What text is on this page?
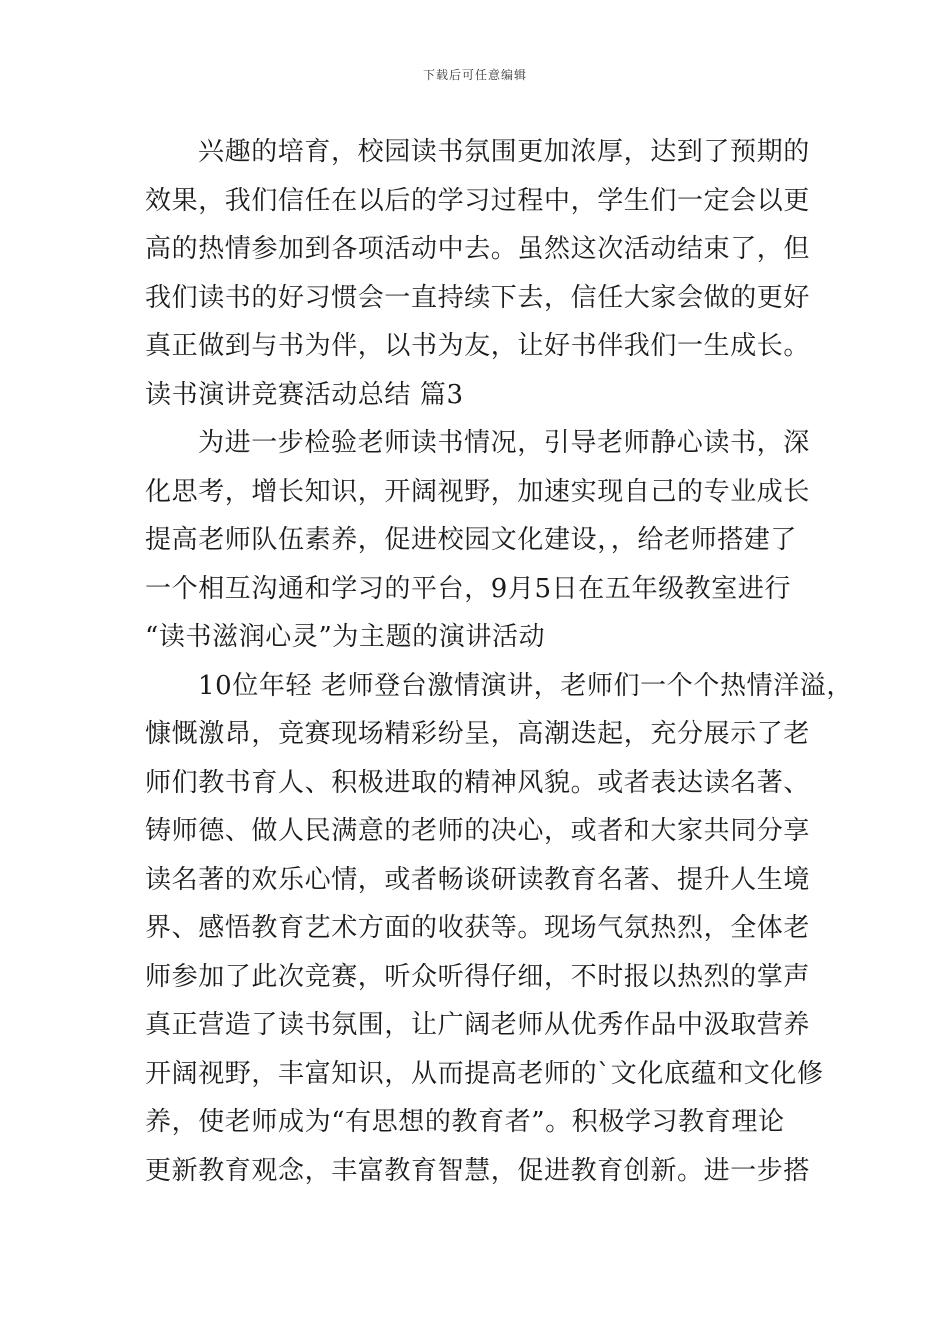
下载后可任意编辑
兴趣的培育，校园读书氛围更加浓厚，达到了预期的
效果，我们信任在以后的学习过程中，学生们一定会以更
高的热情参加到各项活动中去。虽然这次活动结束了，但
我们读书的好习惯会一直持续下去，信任大家会做的更好
真正做到与书为伴，以书为友，让好书伴我们一生成长。
读书演讲竞赛活动总结 篇3
为进一步检验老师读书情况，引导老师静心读书，深
化思考，增长知识，开阔视野，加速实现自己的专业成长
提高老师队伍素养，促进校园文化建设，，给老师搭建了
一个相互沟通和学习的平台，9月5日在五年级教室进行
“读书滋润心灵”为主题的演讲活动
10位年轻 老师登台激情演讲，老师们一个个热情洋溢，
慷慨激昂，竞赛现场精彩纷呈，高潮迭起，充分展示了老
师们教书育人、积极进取的精神风貌。或者表达读名著、
铸师德、做人民满意的老师的决心，或者和大家共同分享
读名著的欢乐心情，或者畅谈研读教育名著、提升人生境
界、感悟教育艺术方面的收获等。现场气氛热烈，全体老
师参加了此次竞赛，听众听得仔细，不时报以热烈的掌声
真正营造了读书氛围，让广阔老师从优秀作品中汲取营养
开阔视野，丰富知识，从而提高老师的`文化底蕴和文化修
养，使老师成为“有思想的教育者”。积极学习教育理论
更新教育观念，丰富教育智慧，促进教育创新。进一步搭
